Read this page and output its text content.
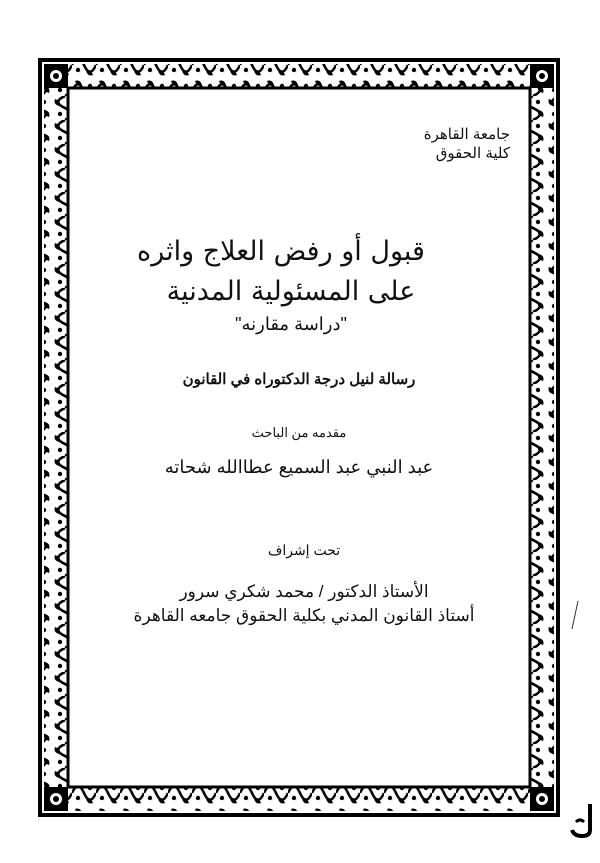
جامعة القاهرة
كلية الحقوق
قبول أو رفض العلاج واثره
على المسئولية المدنية
"دراسة مقارنه"
رسالة لنيل درجة الدكتوراه في القانون
مقدمه من الباحث
عبد النبي عبد السميع عطاالله شحاته
تحت إشراف
الأستاذ الدكتور / محمد شكري سرور
أستاذ القانون المدني بكلية الحقوق جامعه القاهرة
